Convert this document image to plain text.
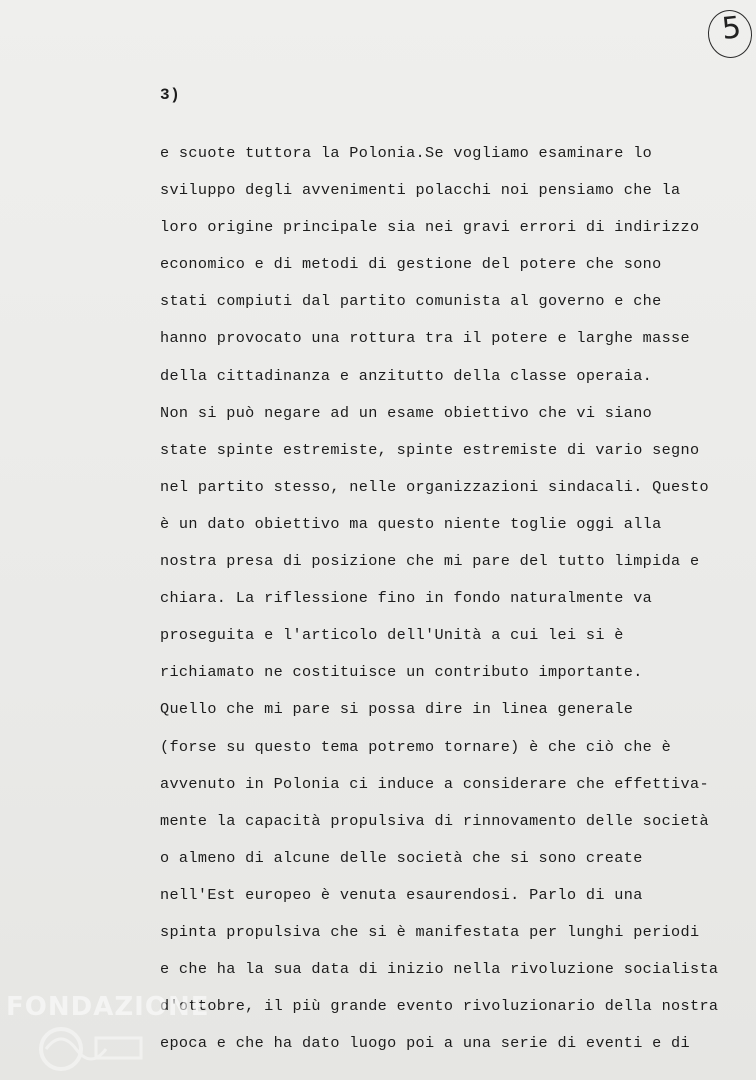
5
3)
e scuote tuttora la Polonia.Se vogliamo esaminare lo
sviluppo degli avvenimenti polacchi noi pensiamo che la
loro origine principale sia nei gravi errori di indirizzo
economico e di metodi di gestione del potere che sono
stati compiuti dal partito comunista al governo e che
hanno provocato una rottura tra il potere e larghe masse
della cittadinanza e anzitutto della classe operaia.
Non si può negare ad un esame obiettivo che vi siano
state spinte estremiste, spinte estremiste di vario segno
nel partito stesso, nelle organizzazioni sindacali. Questo
è un dato obiettivo ma questo niente toglie oggi alla
nostra presa di posizione che mi pare del tutto limpida e
chiara. La riflessione fino in fondo naturalmente va
proseguita e l'articolo dell'Unità a cui lei si è
richiamato ne costituisce un contributo importante.
Quello che mi pare si possa dire in linea generale
(forse su questo tema potremo tornare) è che ciò che è
avvenuto in Polonia ci induce a considerare che effettiva-
mente la capacità propulsiva di rinnovamento delle società
o almeno di alcune delle società che si sono create
nell'Est europeo è venuta esaurendosi. Parlo di una
spinta propulsiva che si è manifestata per lunghi periodi
e che ha la sua data di inizio nella rivoluzione socialista
d'ottobre, il più grande evento rivoluzionario della nostra
epoca e che ha dato luogo poi a una serie di eventi e di
FONDAZIONE
